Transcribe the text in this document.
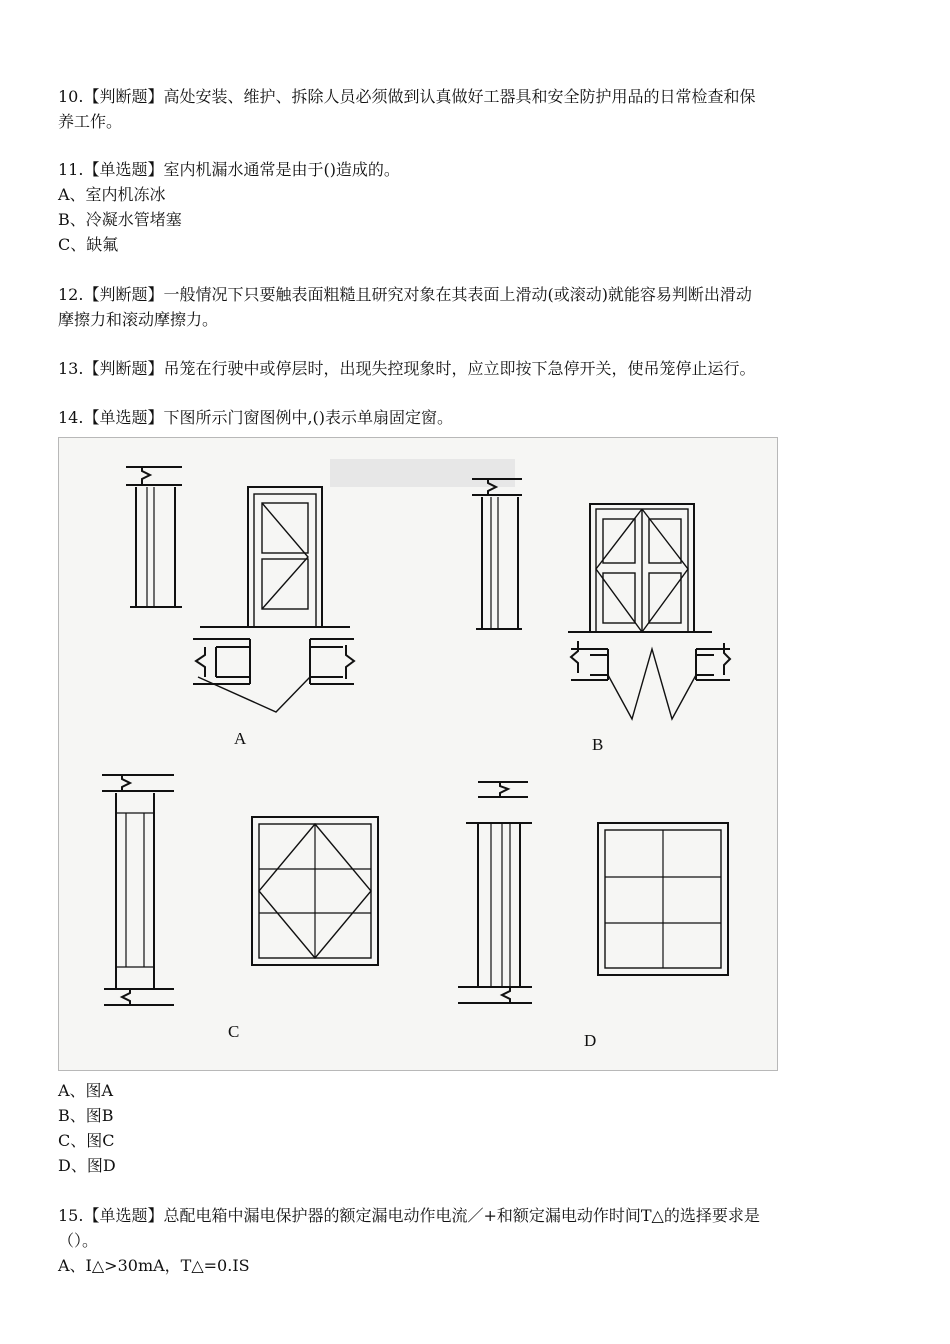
10.【判断题】高处安装、维护、拆除人员必须做到认真做好工器具和安全防护用品的日常检查和保
养工作。
11.【单选题】室内机漏水通常是由于()造成的。
A、室内机冻冰
B、冷凝水管堵塞
C、缺氟
12.【判断题】一般情况下只要触表面粗糙且研究对象在其表面上滑动(或滚动)就能容易判断出滑动
摩擦力和滚动摩擦力。
13.【判断题】吊笼在行驶中或停层时，出现失控现象时，应立即按下急停开关，使吊笼停止运行。
14.【单选题】下图所示门窗图例中,()表示单扇固定窗。
A	B
C	D
A、图A
B、图B
C、图C
D、图D
15.【单选题】总配电箱中漏电保护器的额定漏电动作电流／+和额定漏电动作时间T△的选择要求是
（）。
A、I△>30mA，T△=0.IS
